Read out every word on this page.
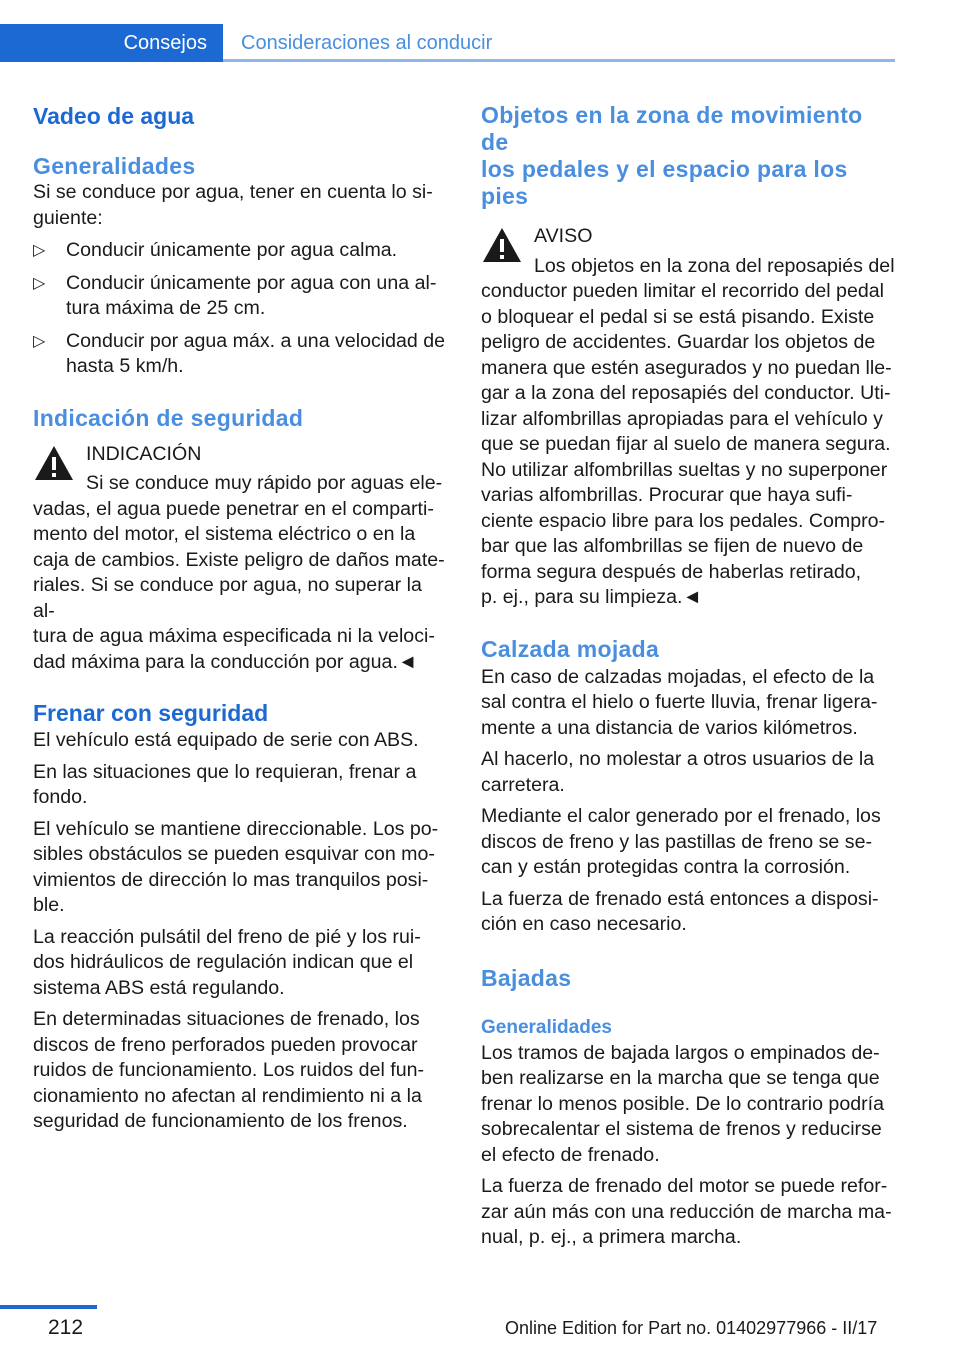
Consejos	Consideraciones al conducir
Vadeo de agua
Generalidades

Si se conduce por agua, tener en cuenta lo si-
guiente:

▷ Conducir únicamente por agua calma.
▷ Conducir únicamente por agua con una al-
tura máxima de 25 cm.
▷ Conducir por agua máx. a una velocidad de
hasta 5 km/h.
Indicación de seguridad

INDICACIÓN

Si se conduce muy rápido por aguas ele-

vadas, el agua puede penetrar en el comparti-
mento del motor, el sistema eléctrico o en la
caja de cambios. Existe peligro de daños mate-
riales. Si se conduce por agua, no superar la al-
tura de agua máxima especificada ni la veloci-
dad máxima para la conducción por agua.◄

Frenar con seguridad

El vehículo está equipado de serie con ABS.

En las situaciones que lo requieran, frenar a
fondo.

El vehículo se mantiene direccionable. Los po-
sibles obstáculos se pueden esquivar con mo-
vimientos de dirección lo mas tranquilos posi-
ble.

La reacción pulsátil del freno de pié y los rui-
dos hidráulicos de regulación indican que el
sistema ABS está regulando.

En determinadas situaciones de frenado, los
discos de freno perforados pueden provocar
ruidos de funcionamiento. Los ruidos del fun-
cionamiento no afectan al rendimiento ni a la
seguridad de funcionamiento de los frenos.

Objetos en la zona de movimiento de
los pedales y el espacio para los pies

AVISO

Los objetos en la zona del reposapiés del

conductor pueden limitar el recorrido del pedal
o bloquear el pedal si se está pisando. Existe
peligro de accidentes. Guardar los objetos de
manera que estén asegurados y no puedan lle-
gar a la zona del reposapiés del conductor. Uti-
lizar alfombrillas apropiadas para el vehículo y
que se puedan fijar al suelo de manera segura.
No utilizar alfombrillas sueltas y no superponer
varias alfombrillas. Procurar que haya sufi-
ciente espacio libre para los pedales. Compro-
bar que las alfombrillas se fijen de nuevo de
forma segura después de haberlas retirado,
p. ej., para su limpieza.◄

Calzada mojada

En caso de calzadas mojadas, el efecto de la
sal contra el hielo o fuerte lluvia, frenar ligera-
mente a una distancia de varios kilómetros.

Al hacerlo, no molestar a otros usuarios de la
carretera.

Mediante el calor generado por el frenado, los
discos de freno y las pastillas de freno se se-
can y están protegidas contra la corrosión.

La fuerza de frenado está entonces a disposi-
ción en caso necesario.

Bajadas
Generalidades

Los tramos de bajada largos o empinados de-
ben realizarse en la marcha que se tenga que
frenar lo menos posible. De lo contrario podría
sobrecalentar el sistema de frenos y reducirse
el efecto de frenado.

La fuerza de frenado del motor se puede refor-
zar aún más con una reducción de marcha ma-
nual, p. ej., a primera marcha.

212	Online Edition for Part no. 01402977966 - II/17
